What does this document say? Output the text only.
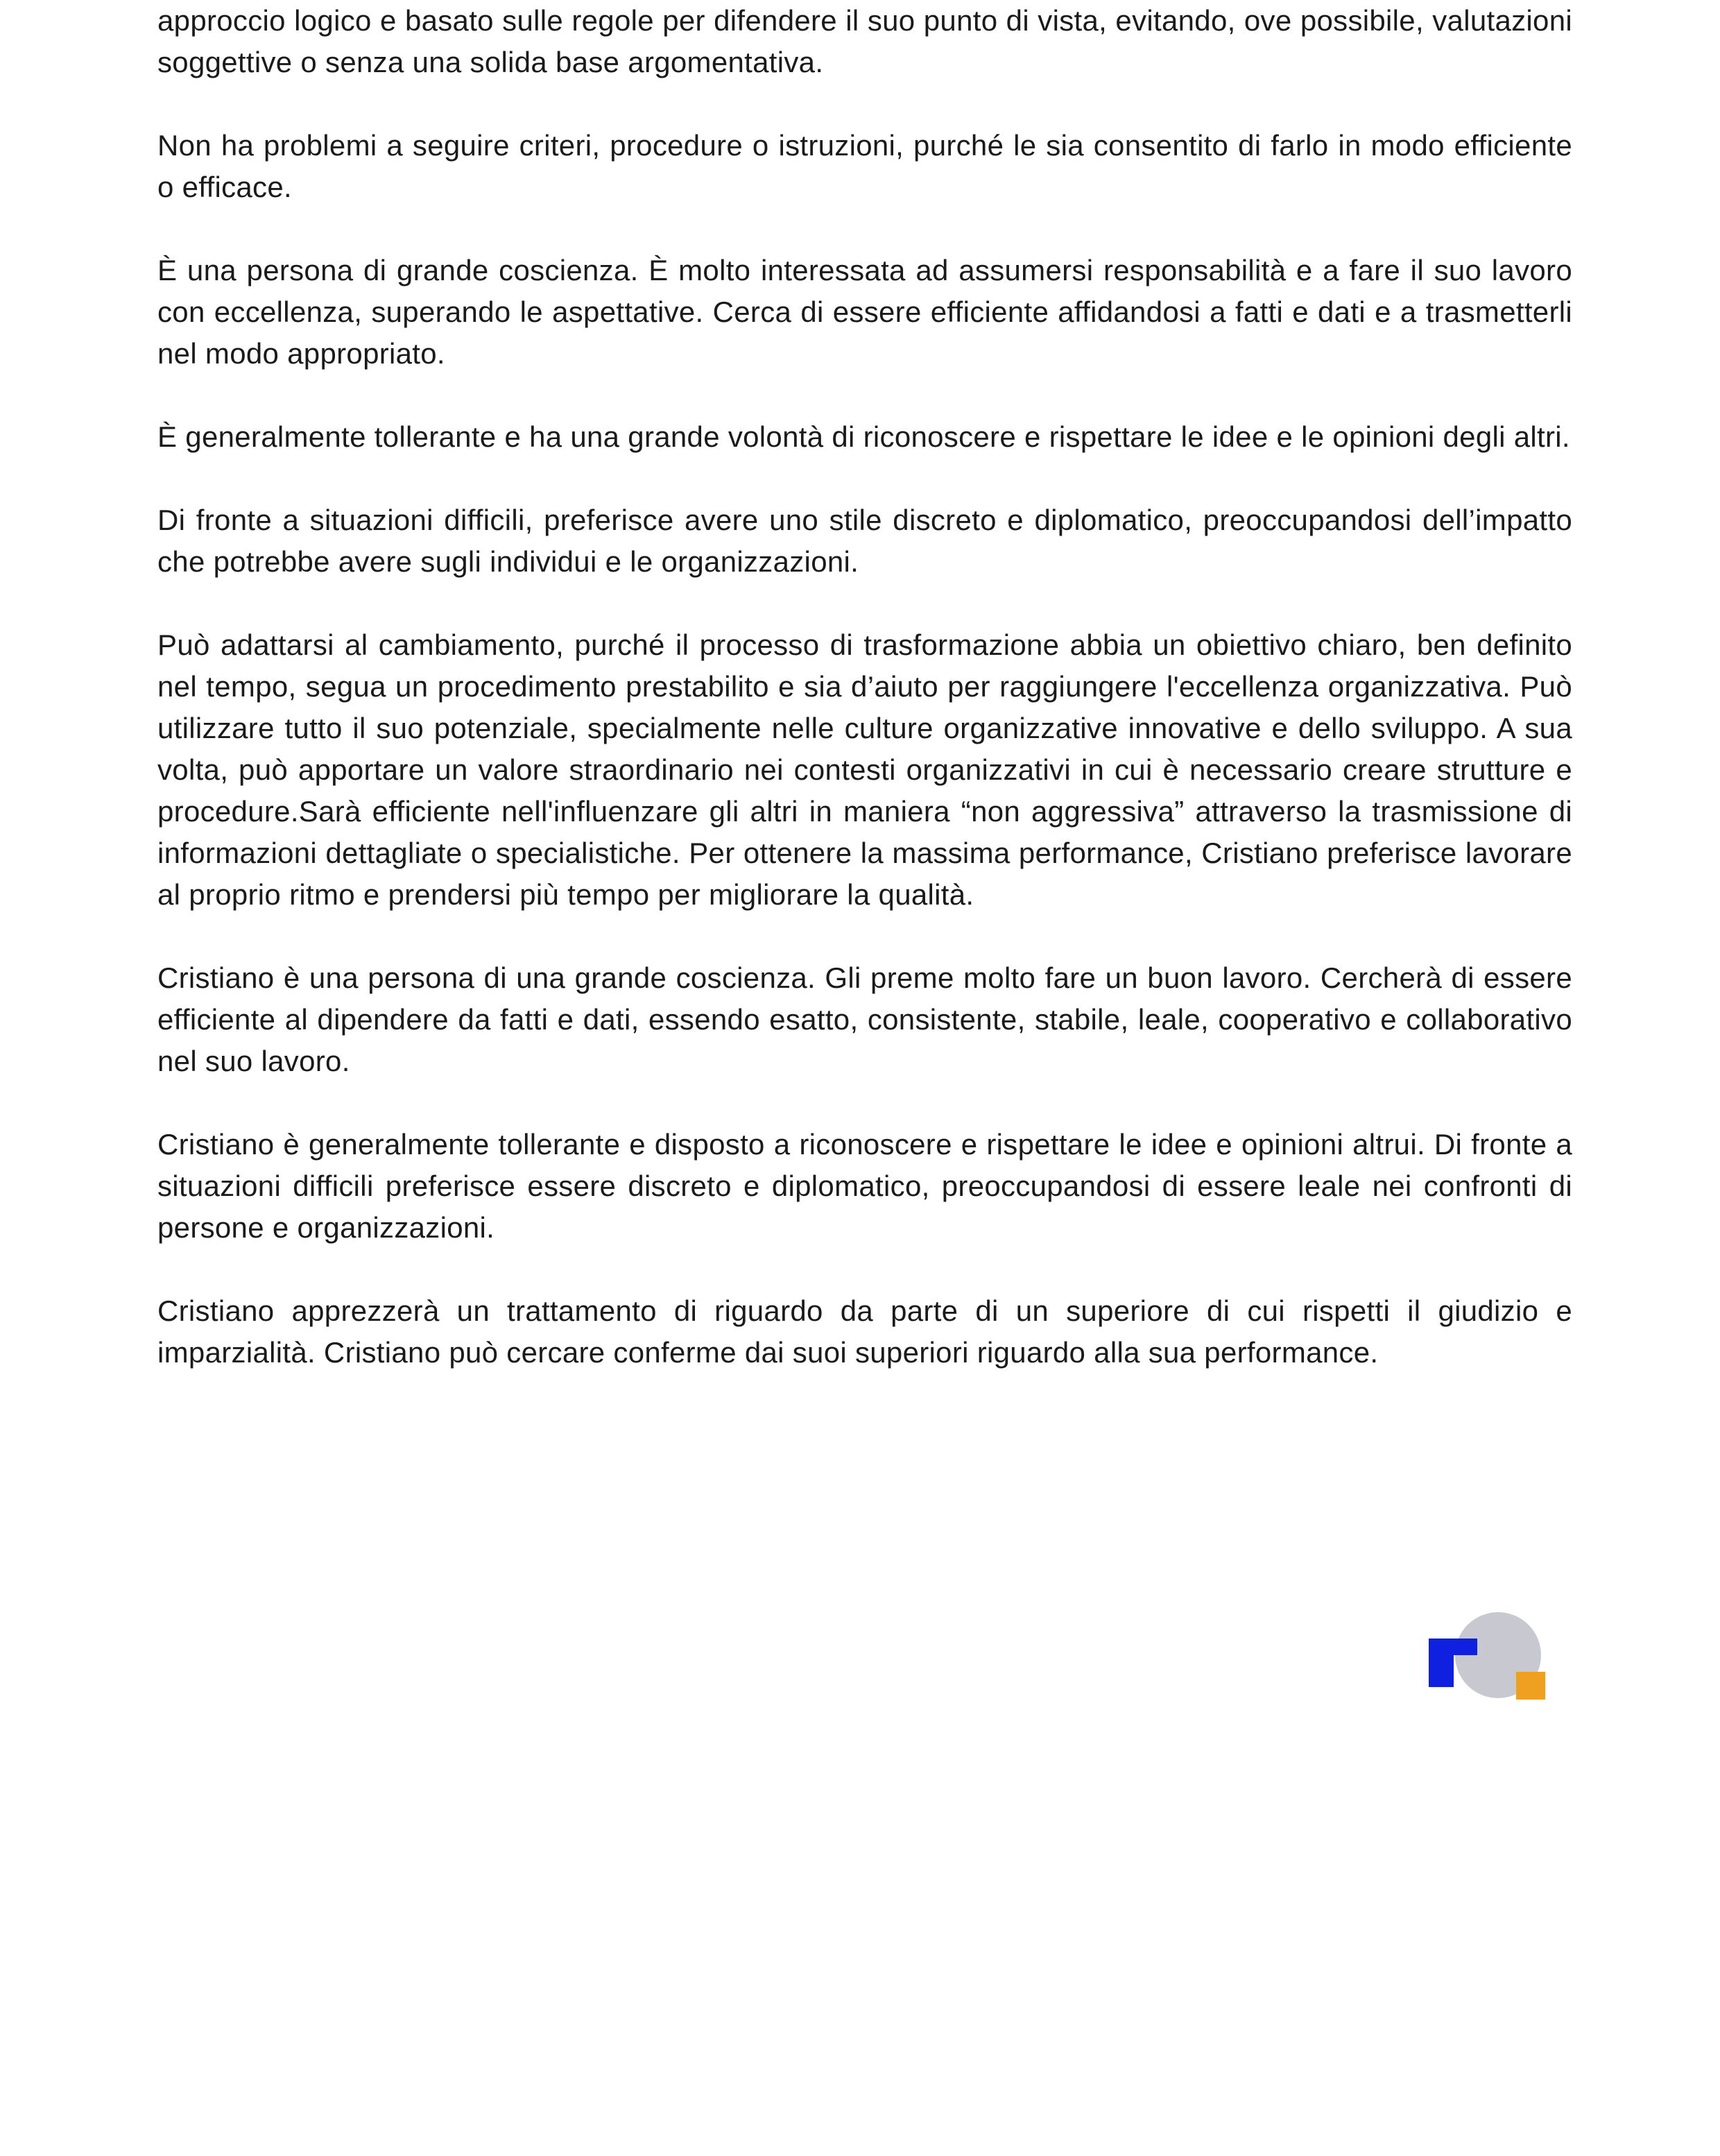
approccio logico e basato sulle regole per difendere il suo punto di vista, evitando, ove possibile, valutazioni soggettive o senza una solida base argomentativa.

Non ha problemi a seguire criteri, procedure o istruzioni, purché le sia consentito di farlo in modo efficiente o efficace.

È una persona di grande coscienza. È molto interessata ad assumersi responsabilità e a fare il suo lavoro con eccellenza, superando le aspettative. Cerca di essere efficiente affidandosi a fatti e dati e a trasmetterli nel modo appropriato.

È generalmente tollerante e ha una grande volontà di riconoscere e rispettare le idee e le opinioni degli altri.

Di fronte a situazioni difficili, preferisce avere uno stile discreto e diplomatico, preoccupandosi dell’impatto che potrebbe avere sugli individui e le organizzazioni.

Può adattarsi al cambiamento, purché il processo di trasformazione abbia un obiettivo chiaro, ben definito nel tempo, segua un procedimento prestabilito e sia d’aiuto per raggiungere l'eccellenza organizzativa. Può utilizzare tutto il suo potenziale, specialmente nelle culture organizzative innovative e dello sviluppo. A sua volta, può apportare un valore straordinario nei contesti organizzativi in cui è necessario creare strutture e procedure.Sarà efficiente nell'influenzare gli altri in maniera “non aggressiva” attraverso la trasmissione di informazioni dettagliate o specialistiche. Per ottenere la massima performance, Cristiano preferisce lavorare al proprio ritmo e prendersi più tempo per migliorare la qualità.

Cristiano è una persona di una grande coscienza. Gli preme molto fare un buon lavoro. Cercherà di essere efficiente al dipendere da fatti e dati, essendo esatto, consistente, stabile, leale, cooperativo e collaborativo nel suo lavoro.

Cristiano è generalmente tollerante e disposto a riconoscere e rispettare le idee e opinioni altrui. Di fronte a situazioni difficili preferisce essere discreto e diplomatico, preoccupandosi di essere leale nei confronti di persone e organizzazioni.

Cristiano apprezzerà un trattamento di riguardo da parte di un superiore di cui rispetti il giudizio e imparzialità. Cristiano può cercare conferme dai suoi superiori riguardo alla sua performance.
